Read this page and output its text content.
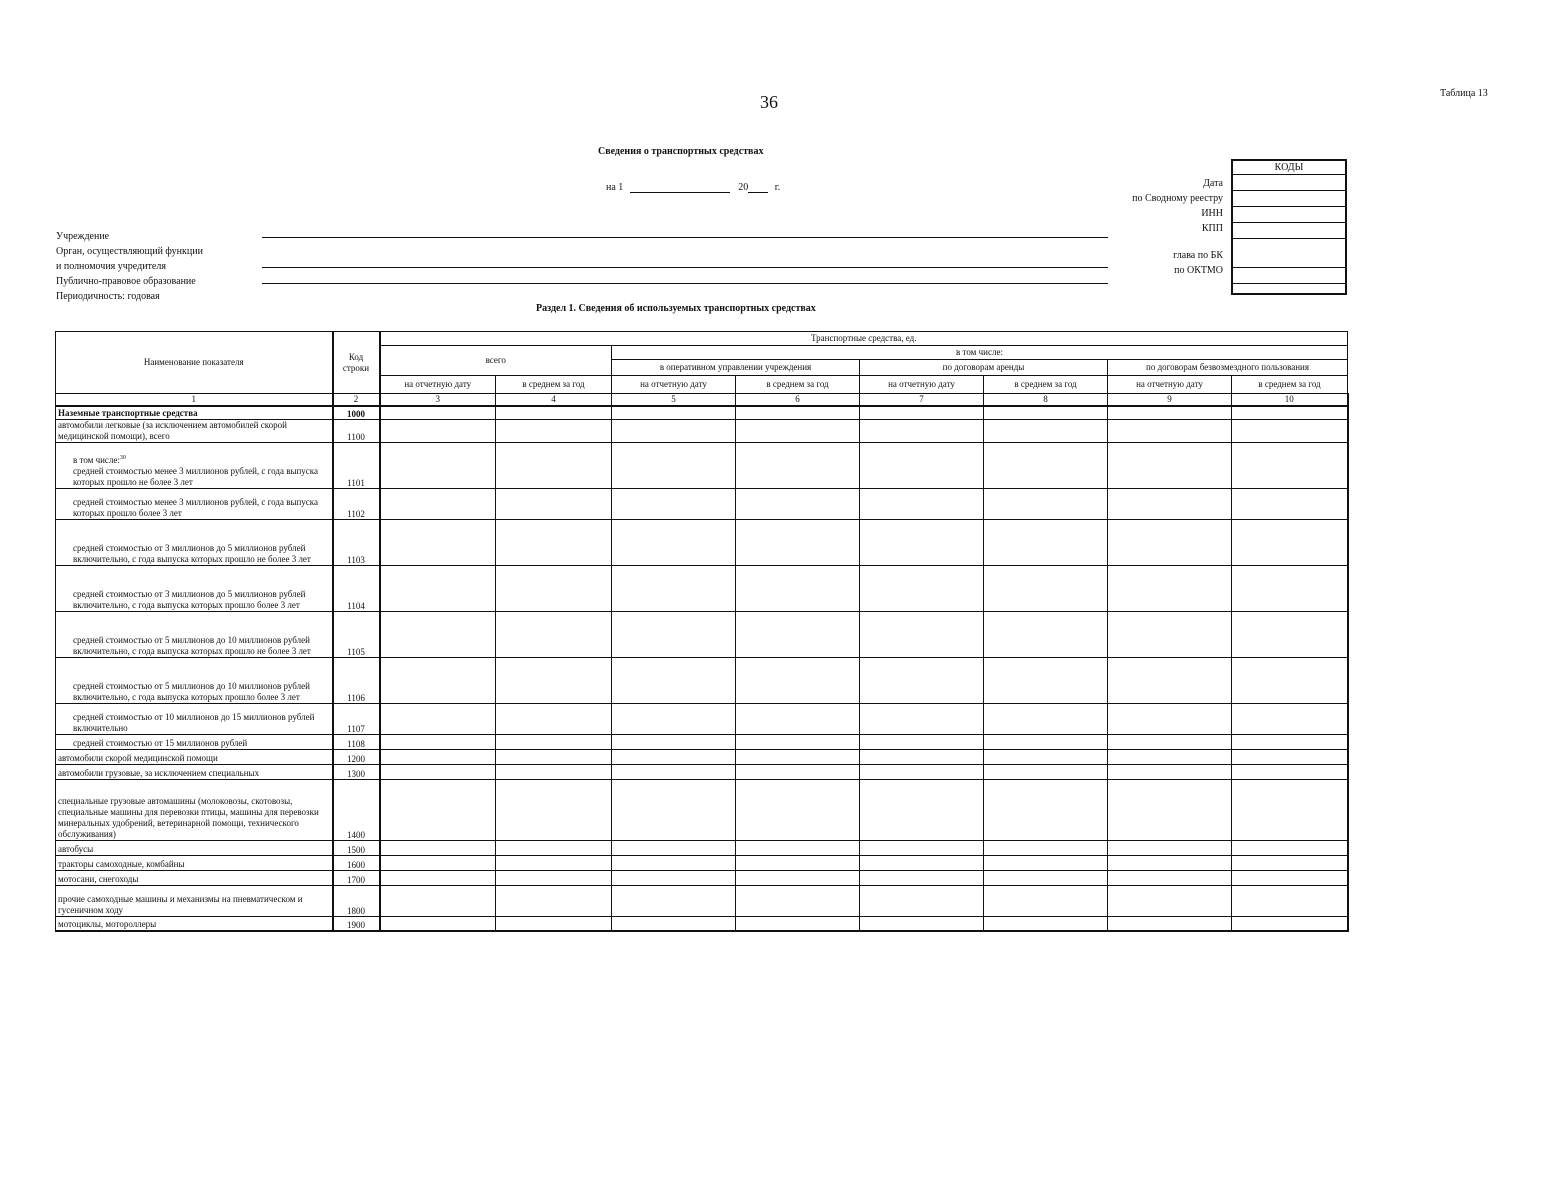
36	Таблица 13
Сведения о транспортных средствах
на 1	20	г.	Дата
по Сводному реестру
ИНН
КПП
глава по БК
по ОКТМО
КОДЫ
Учреждение
Орган, осуществляющий функции
и полномочия учредителя
Публично-правовое образование
Периодичность: годовая
Раздел 1. Сведения об используемых транспортных средствах
Наименование показателя	Код строки	Транспортные средства, ед.							
		всего		в том числе:					
				в оперативном управлении учреждения		по договорам аренды		по договорам безвозмездного пользования	
		на отчетную дату	в среднем за год	на отчетную дату	в среднем за год	на отчетную дату	в среднем за год	на отчетную дату	в среднем за год
1	2	3	4	5	6	7	8	9	10
Наземные транспортные средства	1000								
автомобили легковые (за исключением автомобилей скорой медицинской помощи), всего	1100								

в том числе:$^{30}$
средней стоимостью менее 3 миллионов рублей, с года выпуска которых прошло не более 3 лет	1101								
средней стоимостью менее 3 миллионов рублей, с года выпуска которых прошло более 3 лет	1102								
средней стоимостью от 3 миллионов до 5 миллионов рублей включительно, с года выпуска которых прошло не более 3 лет	1103								
средней стоимостью от 3 миллионов до 5 миллионов рублей включительно, с года выпуска которых прошло более 3 лет	1104								
средней стоимостью от 5 миллионов до 10 миллионов рублей включительно, с года выпуска которых прошло не более 3 лет	1105								
средней стоимостью от 5 миллионов до 10 миллионов рублей включительно, с года выпуска которых прошло более 3 лет	1106								
средней стоимостью от 10 миллионов до 15 миллионов рублей включительно	1107								
средней стоимостью от 15 миллионов рублей	1108								
автомобили скорой медицинской помощи	1200								
автомобили грузовые, за исключением специальных	1300								
специальные грузовые автомашины (молоковозы, скотовозы, специальные машины для перевозки птицы, машины для перевозки минеральных удобрений, ветеринарной помощи, технического обслуживания)	1400								
автобусы	1500								
тракторы самоходные, комбайны	1600								
мотосани, снегоходы	1700								
прочие самоходные машины и механизмы на пневматическом и гусеничном ходу	1800								
мотоциклы, мотороллеры	1900								
